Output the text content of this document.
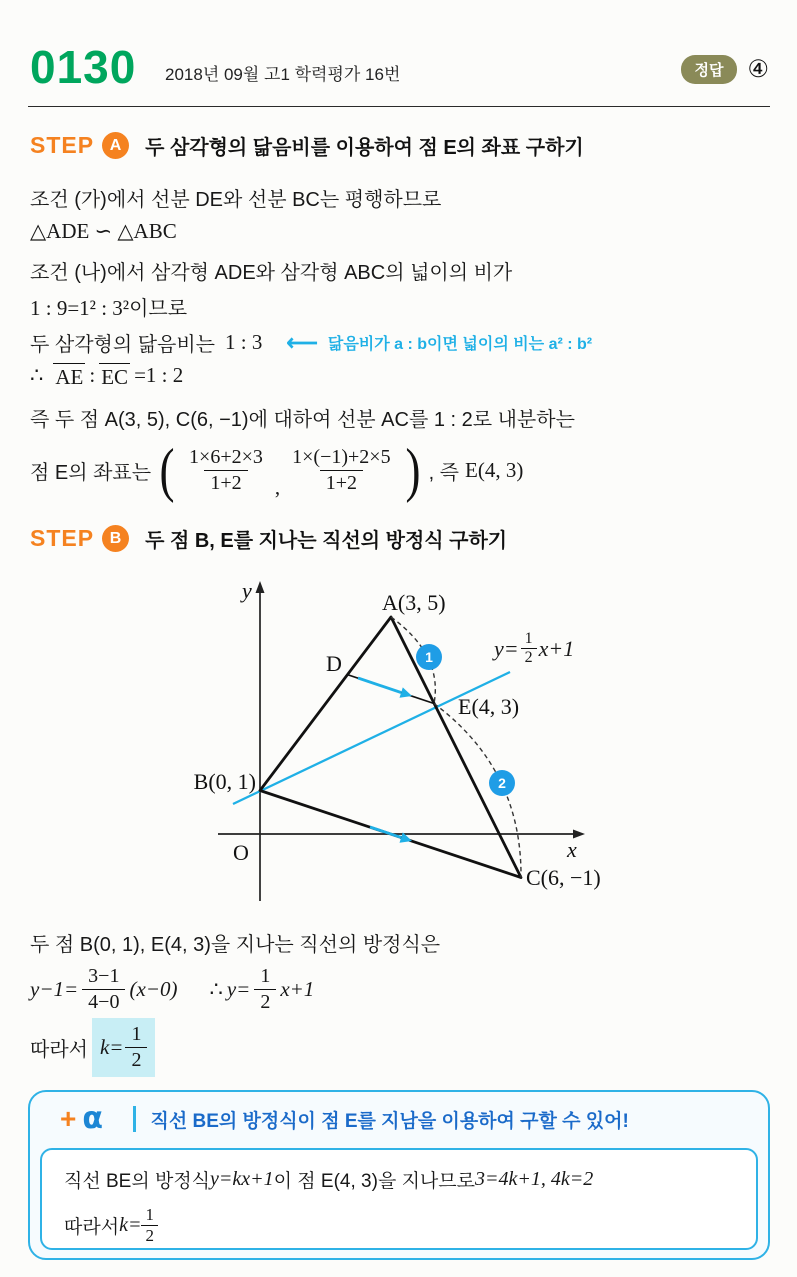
0130 2018년 09월 고1 학력평가 16번	정답	④
STEP A	두 삼각형의 닮음비를 이용하여 점 E의 좌표 구하기
조건 (가)에서 선분 DE와 선분 BC는 평행하므로
△ADE ∽ △ABC
조건 (나)에서 삼각형 ADE와 삼각형 ABC의 넓이의 비가
1 : 9=1² : 3²이므로
두 삼각형의 닮음비는 1 : 3 ⟵ 닮음비가 a : b이면 넓이의 비는 a² : b²
∴ AE : EC =1 : 2
즉 두 점 A(3, 5), C(6, −1)에 대하여 선분 AC를 1 : 2로 내분하는
점 E의 좌표는 ( $\frac{1\times 6+2\times 3}{1+2}$ , $\frac{1\times(-1)+2\times 5}{1+2}$ ) , 즉 E(4, 3)
STEP B	두 점 B, E를 지나는 직선의 방정식 구하기
1
2
y
x
O
A(3, 5)
D
E(4, 3)
B(0, 1)
C(6, −1)
$y= \frac{1}{2} x+1$
두 점 B(0, 1), E(4, 3)을 지나는 직선의 방정식은
$y-1= \frac{3-1}{4-0} (x-0)$ ∴ $y= \frac{1}{2} x+1$
따라서 $k= \frac{1}{2}$
+ α	직선 BE의 방정식이 점 E를 지남을 이용하여 구할 수 있어!
직선 BE의 방정식 y=kx+1 이 점 E(4, 3)을 지나므로 3=4k+1, 4k=2
따라서 $k= \frac{1}{2}$
